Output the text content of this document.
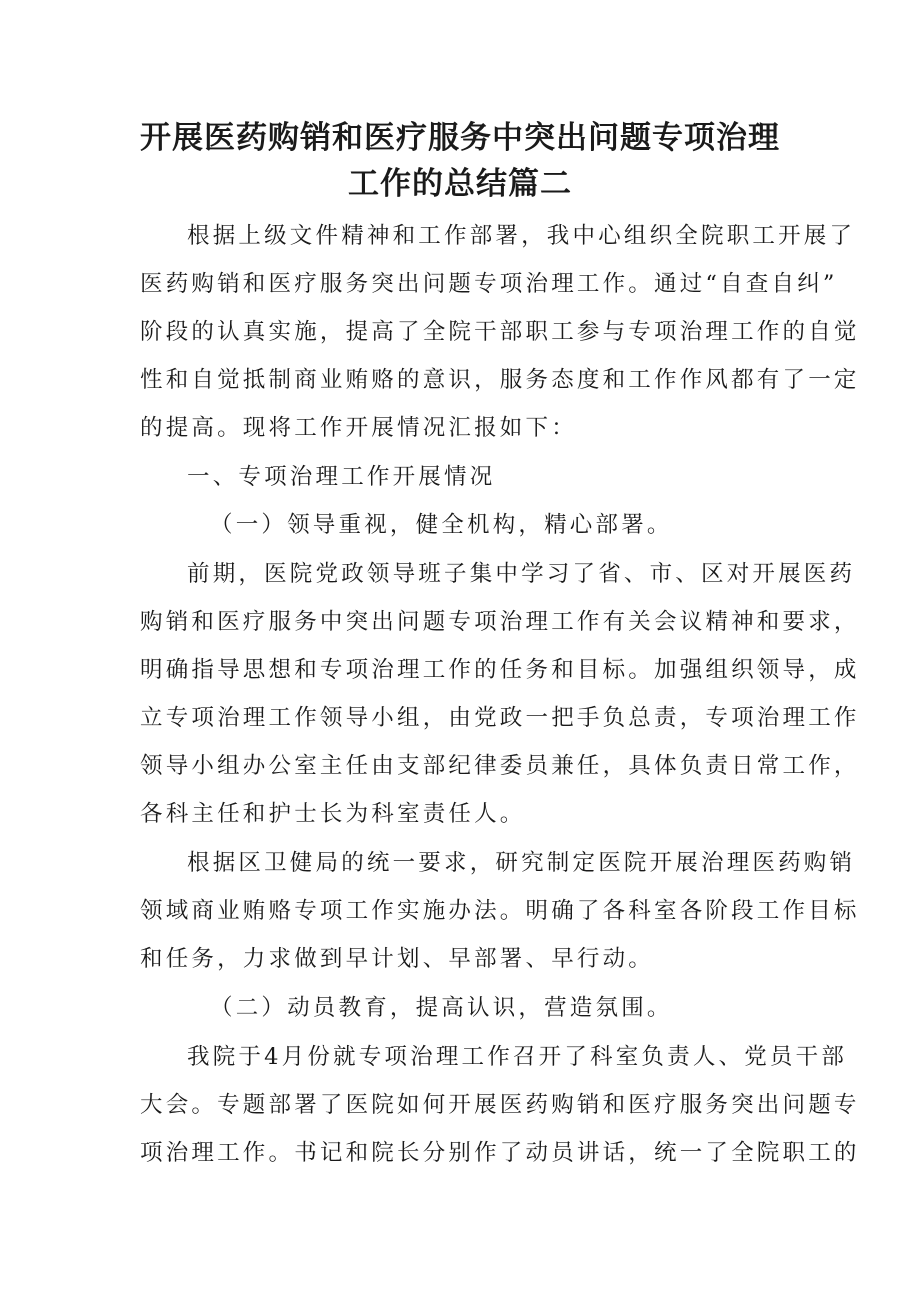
开展医药购销和医疗服务中突出问题专项治理
工作的总结篇二
根据上级文件精神和工作部署，我中心组织全院职工开展了
医药购销和医疗服务突出问题专项治理工作。通过“自查自纠”
阶段的认真实施，提高了全院干部职工参与专项治理工作的自觉
性和自觉抵制商业贿赂的意识，服务态度和工作作风都有了一定
的提高。现将工作开展情况汇报如下：
一、专项治理工作开展情况
（一）领导重视，健全机构，精心部署。
前期，医院党政领导班子集中学习了省、市、区对开展医药
购销和医疗服务中突出问题专项治理工作有关会议精神和要求，
明确指导思想和专项治理工作的任务和目标。加强组织领导，成
立专项治理工作领导小组，由党政一把手负总责，专项治理工作
领导小组办公室主任由支部纪律委员兼任，具体负责日常工作，
各科主任和护士长为科室责任人。
根据区卫健局的统一要求，研究制定医院开展治理医药购销
领域商业贿赂专项工作实施办法。明确了各科室各阶段工作目标
和任务，力求做到早计划、早部署、早行动。
（二）动员教育，提高认识，营造氛围。
我院于4月份就专项治理工作召开了科室负责人、党员干部
大会。专题部署了医院如何开展医药购销和医疗服务突出问题专
项治理工作。书记和院长分别作了动员讲话，统一了全院职工的
